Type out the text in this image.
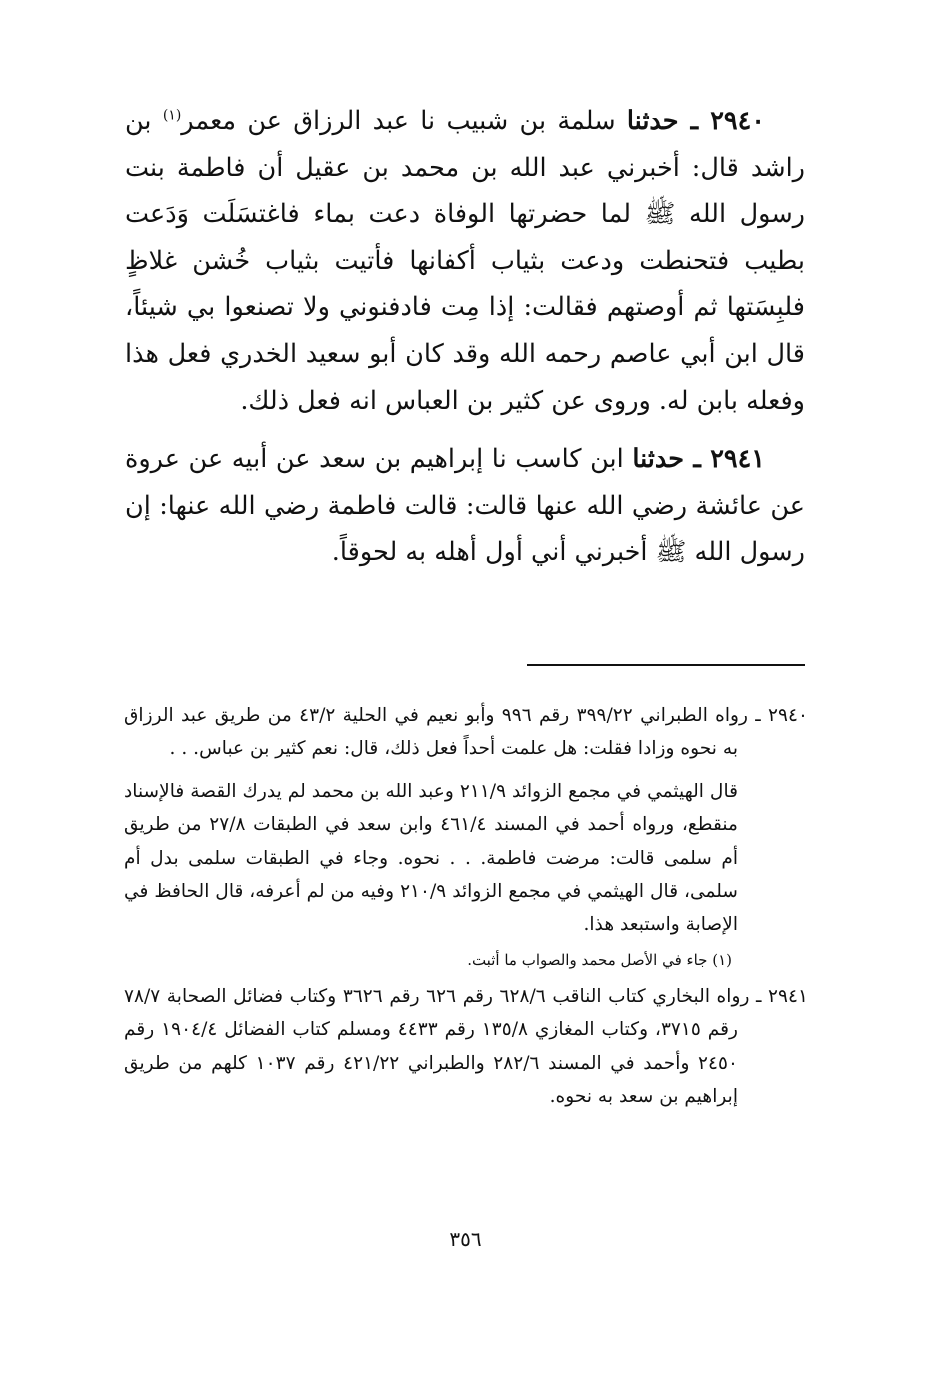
٢٩٤٠ ـ حدثنا سلمة بن شبيب نا عبد الرزاق عن معمر$^{(١)}$ بن راشد قال: أخبرني عبد الله بن محمد بن عقيل أن فاطمة بنت رسول الله ﷺ لما حضرتها الوفاة دعت بماء فاغتسَلَت وَدَعت بطيب فتحنطت ودعت بثياب أكفانها فأتيت بثياب خُشن غلاظٍ فلبِسَتها ثم أوصتهم فقالت: إذا مِت فادفنوني ولا تصنعوا بي شيئاً، قال ابن أبي عاصم رحمه الله وقد كان أبو سعيد الخدري فعل هذا وفعله بابن له. وروى عن كثير بن العباس انه فعل ذلك.

٢٩٤١ ـ حدثنا ابن كاسب نا إبراهيم بن سعد عن أبيه عن عروة عن عائشة رضي الله عنها قالت: قالت فاطمة رضي الله عنها: إن رسول الله ﷺ أخبرني أني أول أهله به لحوقاً.

٢٩٤٠ ـ رواه الطبراني ٣٩٩/٢٢ رقم ٩٩٦ وأبو نعيم في الحلية ٤٣/٢ من طريق عبد الرزاق به نحوه وزادا فقلت: هل علمت أحداً فعل ذلك، قال: نعم كثير بن عباس. . .

قال الهيثمي في مجمع الزوائد ٢١١/٩ وعبد الله بن محمد لم يدرك القصة فالإسناد منقطع، ورواه أحمد في المسند ٤٦١/٤ وابن سعد في الطبقات ٢٧/٨ من طريق أم سلمى قالت: مرضت فاطمة. . . نحوه. وجاء في الطبقات سلمى بدل أم سلمى، قال الهيثمي في مجمع الزوائد ٢١٠/٩ وفيه من لم أعرفه، قال الحافظ في الإصابة واستبعد هذا.

(١) جاء في الأصل محمد والصواب ما أثبت.

٢٩٤١ ـ رواه البخاري كتاب الناقب ٦٢٨/٦ رقم ٦٢٦ رقم ٣٦٢٦ وكتاب فضائل الصحابة ٧٨/٧ رقم ٣٧١٥، وكتاب المغازي ١٣٥/٨ رقم ٤٤٣٣ ومسلم كتاب الفضائل ١٩٠٤/٤ رقم ٢٤٥٠ وأحمد في المسند ٢٨٢/٦ والطبراني ٤٢١/٢٢ رقم ١٠٣٧ كلهم من طريق إبراهيم بن سعد به نحوه.

٣٥٦
